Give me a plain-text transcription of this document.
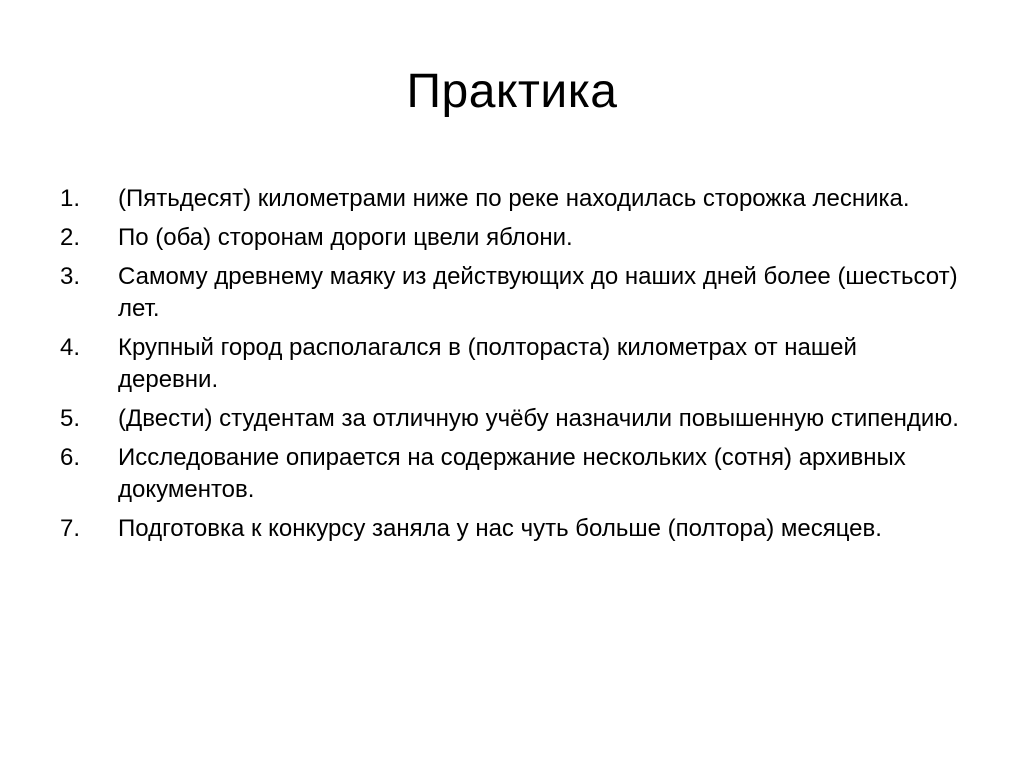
Практика
1.	(Пятьдесят) километрами ниже по реке находилась сторожка лесника.
2.	По (оба) сторонам дороги цвели яблони.
3.	Самому древнему маяку из действующих до наших дней более (шестьсот) лет.
4.	Крупный город располагался в (полтораста) километрах от нашей деревни.
5.	(Двести) студентам за отличную учёбу назначили повышенную стипендию.
6.	Исследование опирается на содержание нескольких (сотня) архивных документов.
7.	Подготовка к конкурсу заняла у нас чуть больше (полтора) месяцев.
